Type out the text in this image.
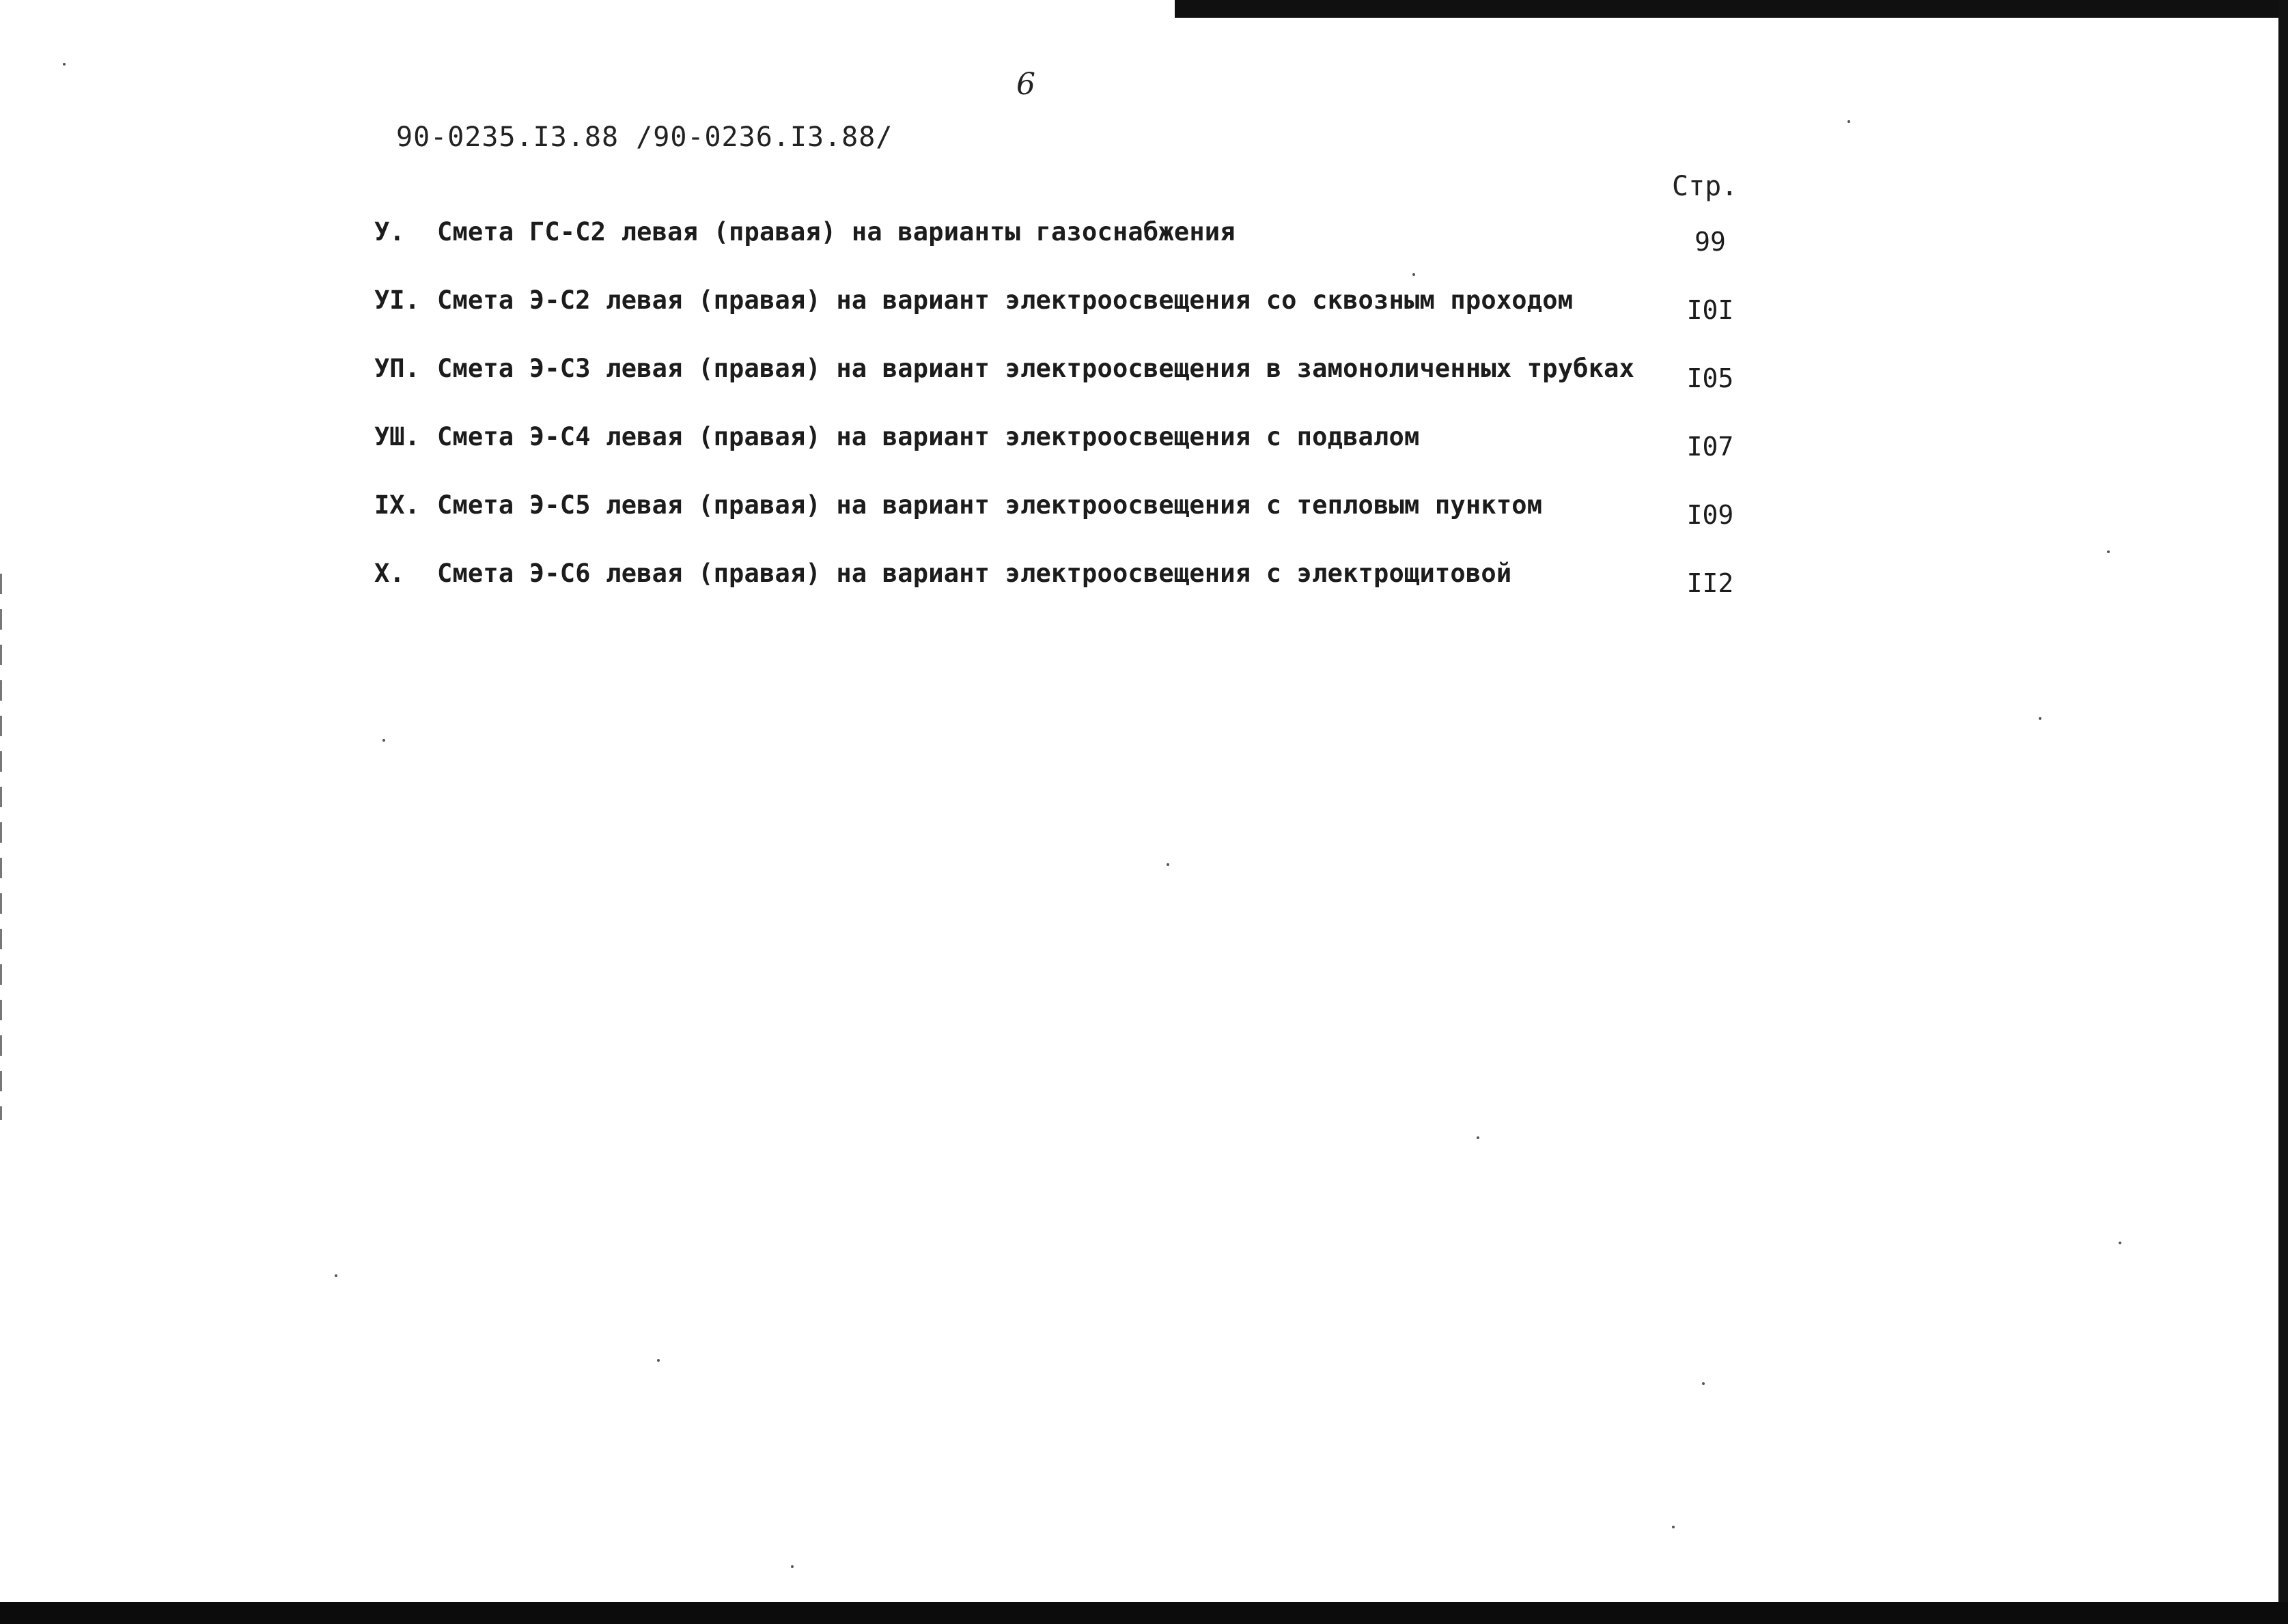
6
90-0235.I3.88 /90-0236.I3.88/
Стр.
У.	Смета ГС-С2 левая (правая) на варианты газоснабжения	99
УI. Смета Э-С2 левая (правая) на вариант электроосвещения со сквозным проходом	I0I
УП. Смета Э-С3 левая (правая) на вариант электроосвещения в замоноличенных трубках	I05
УШ. Смета Э-С4 левая (правая) на вариант электроосвещения с подвалом	I07
IX. Смета Э-С5 левая (правая) на вариант электроосвещения с тепловым пунктом	I09
Х.	Смета Э-С6 левая (правая) на вариант электроосвещения с электрощитовой	II2
